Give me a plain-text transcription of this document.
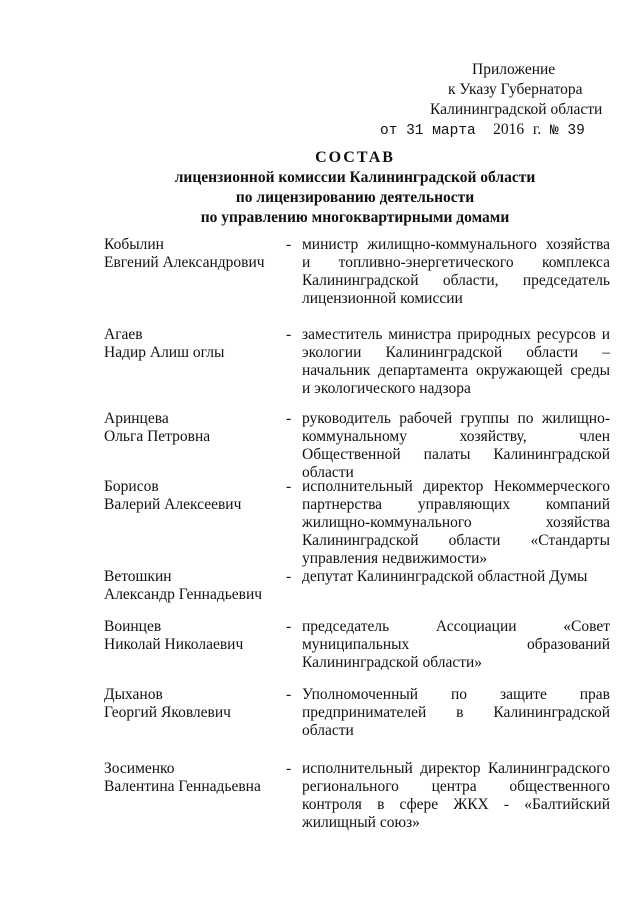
Приложение
к Указу Губернатора
Калининградской области
от 31 марта 2016 г. № 39
СОСТАВ
лицензионной комиссии Калининградской области
по лицензированию деятельности
по управлению многоквартирными домами
Кобылин
Евгений Александрович
- министр жилищно-коммунального хозяйства и топливно-энергетического комплекса Калининградской области, председатель лицензионной комиссии
Агаев
Надир Алиш оглы
- заместитель министра природных ресурсов и экологии Калининградской области – начальник департамента окружающей среды и экологического надзора
Аринцева
Ольга Петровна
- руководитель рабочей группы по жилищно-коммунальному хозяйству, член Общественной палаты Калининградской области
Борисов
Валерий Алексеевич
- исполнительный директор Некоммерческого партнерства управляющих компаний жилищно-коммунального хозяйства Калининградской области «Стандарты управления недвижимости»
Ветошкин
Александр Геннадьевич
- депутат Калининградской областной Думы
Воинцев
Николай Николаевич
- председатель Ассоциации «Совет муниципальных образований Калининградской области»
Дыханов
Георгий Яковлевич
- Уполномоченный по защите прав предпринимателей в Калининградской области
Зосименко
Валентина Геннадьевна
- исполнительный директор Калининградского регионального центра общественного контроля в сфере ЖКХ - «Балтийский жилищный союз»
